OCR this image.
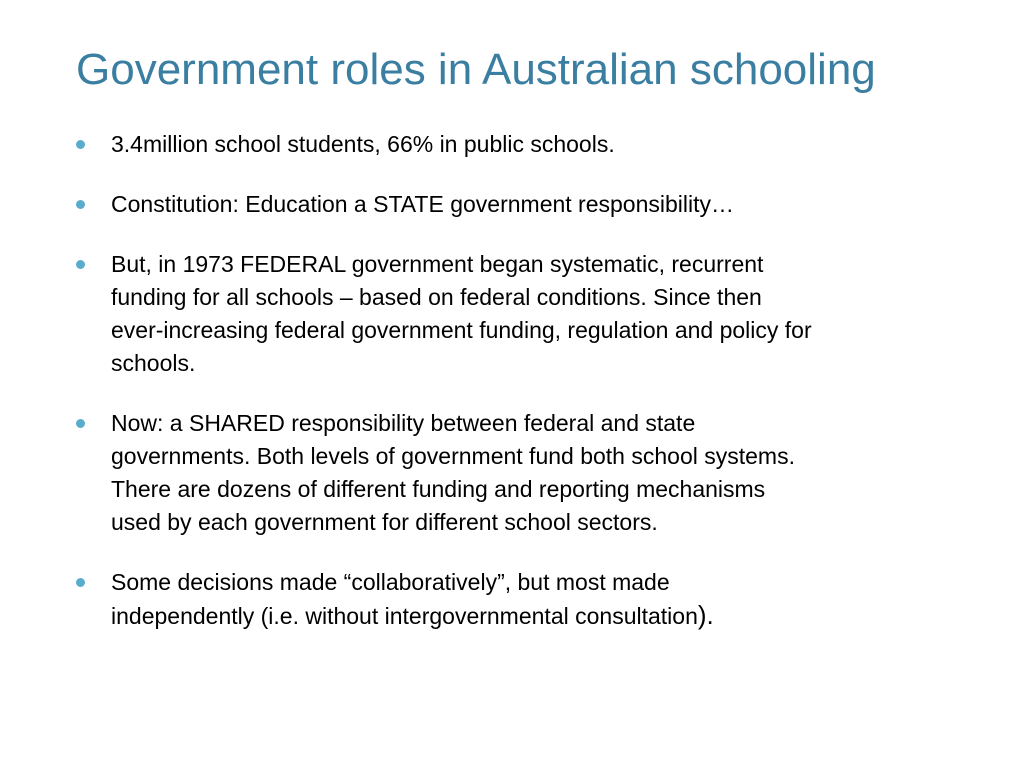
Government roles in Australian schooling
3.4million school students, 66% in public schools.
Constitution: Education a STATE government responsibility…
But, in 1973 FEDERAL government began systematic, recurrent
funding for all schools – based on federal conditions. Since then
ever-increasing federal government funding, regulation and policy for
schools.
Now: a SHARED responsibility between federal and state
governments. Both levels of government fund both school systems.
There are dozens of different funding and reporting mechanisms
used by each government for different school sectors.
Some decisions made “collaboratively”, but most made
independently (i.e. without intergovernmental consultation).
